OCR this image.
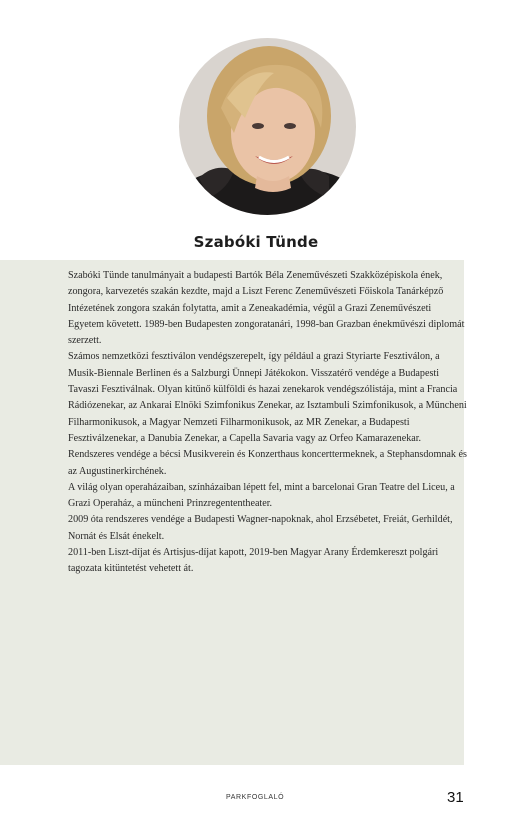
Szabóki Tünde

Szabóki Tünde tanulmányait a budapesti Bartók Béla Zeneművészeti Szakközépiskola ének, zongora, karvezetés szakán kezdte, majd a Liszt Ferenc Zeneművészeti Főiskola Tanárképző Intézetének zongora szakán folytatta, amit a Zeneakadémia, végül a Grazi Zeneművészeti Egyetem követett. 1989-ben Budapesten zongoratanári, 1998-ban Grazban énekművészi diplomát szerzett.

Számos nemzetközi fesztiválon vendégszerepelt, így például a grazi Styriarte Fesztiválon, a Musik-Biennale Berlinen és a Salzburgi Ünnepi Játékokon. Visszatérő vendége a Budapesti Tavaszi Fesztiválnak. Olyan kitűnő külföldi és hazai zenekarok vendégszólistája, mint a Francia Rádiózenekar, az Ankarai Elnöki Szimfonikus Zenekar, az Isztambuli Szimfonikusok, a Müncheni Filharmonikusok, a Magyar Nemzeti Filharmonikusok, az MR Zenekar, a Budapesti Fesztiválzenekar, a Danubia Zenekar, a Capella Savaria vagy az Orfeo Kamarazenekar. Rendszeres vendége a bécsi Musikverein és Konzerthaus koncerttermeknek, a Stephansdomnak és az Augustinerkirchének.

A világ olyan operaházaiban, színházaiban lépett fel, mint a barcelonai Gran Teatre del Liceu, a Grazi Operaház, a müncheni Prinzregententheater.

2009 óta rendszeres vendége a Budapesti Wagner-napoknak, ahol Erzsébetet, Freiát, Gerhildét, Nornát és Elsát énekelt.

2011-ben Liszt-díjat és Artisjus-díjat kapott, 2019-ben Magyar Arany Érdemkereszt polgári tagozata kitüntetést vehetett át.

PARKFOGLALÓ	31
